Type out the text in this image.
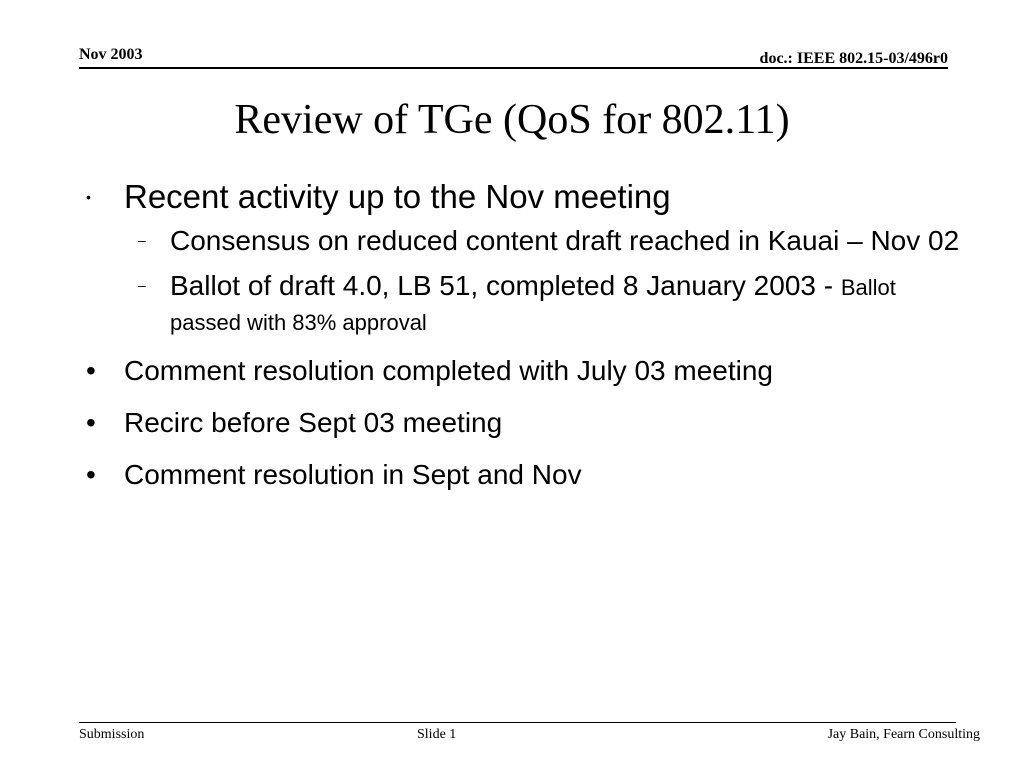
Nov 2003	doc.: IEEE 802.15-03/496r0
Review of TGe (QoS for 802.11)
• Recent activity up to the Nov meeting
– Consensus on reduced content draft reached in Kauai – Nov 02
– Ballot of draft 4.0, LB 51, completed 8 January 2003 - Ballot passed with 83% approval
• Comment resolution completed with July 03 meeting
• Recirc before Sept 03 meeting
• Comment resolution in Sept and Nov
Submission	Slide 1	Jay Bain, Fearn Consulting
